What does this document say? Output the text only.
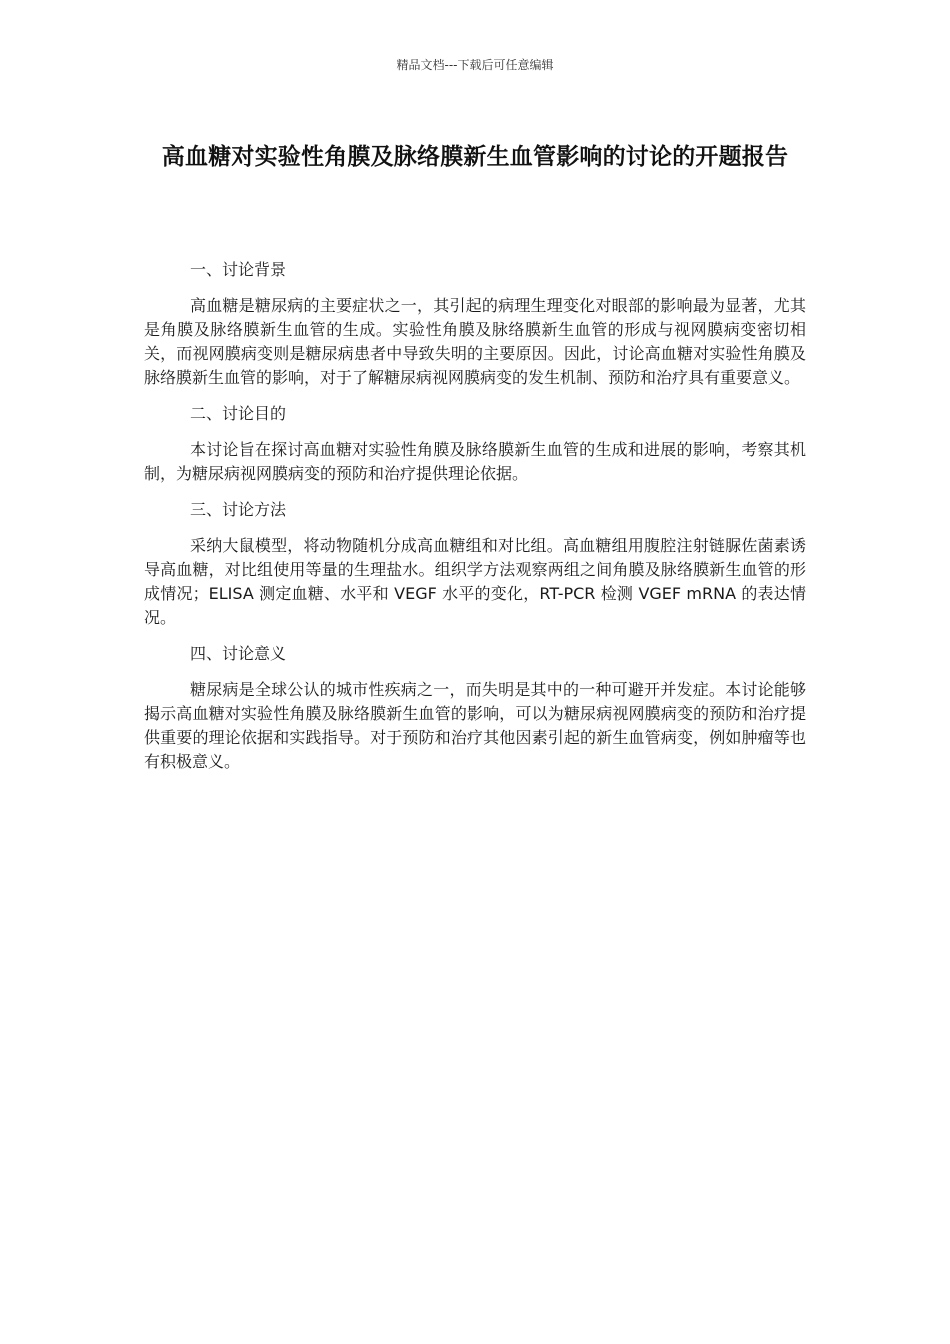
精品文档---下载后可任意编辑
高血糖对实验性角膜及脉络膜新生血管影响的讨论的开题报告
一、讨论背景

高血糖是糖尿病的主要症状之一，其引起的病理生理变化对眼部的影响最为显著，尤其是角膜及脉络膜新生血管的生成。实验性角膜及脉络膜新生血管的形成与视网膜病变密切相关，而视网膜病变则是糖尿病患者中导致失明的主要原因。因此，讨论高血糖对实验性角膜及脉络膜新生血管的影响，对于了解糖尿病视网膜病变的发生机制、预防和治疗具有重要意义。

二、讨论目的

本讨论旨在探讨高血糖对实验性角膜及脉络膜新生血管的生成和进展的影响，考察其机制，为糖尿病视网膜病变的预防和治疗提供理论依据。

三、讨论方法

采纳大鼠模型，将动物随机分成高血糖组和对比组。高血糖组用腹腔注射链脲佐菌素诱导高血糖，对比组使用等量的生理盐水。组织学方法观察两组之间角膜及脉络膜新生血管的形成情况；ELISA 测定血糖、水平和 VEGF 水平的变化，RT-PCR 检测 VGEF mRNA 的表达情况。

四、讨论意义

糖尿病是全球公认的城市性疾病之一，而失明是其中的一种可避开并发症。本讨论能够揭示高血糖对实验性角膜及脉络膜新生血管的影响，可以为糖尿病视网膜病变的预防和治疗提供重要的理论依据和实践指导。对于预防和治疗其他因素引起的新生血管病变，例如肿瘤等也有积极意义。
